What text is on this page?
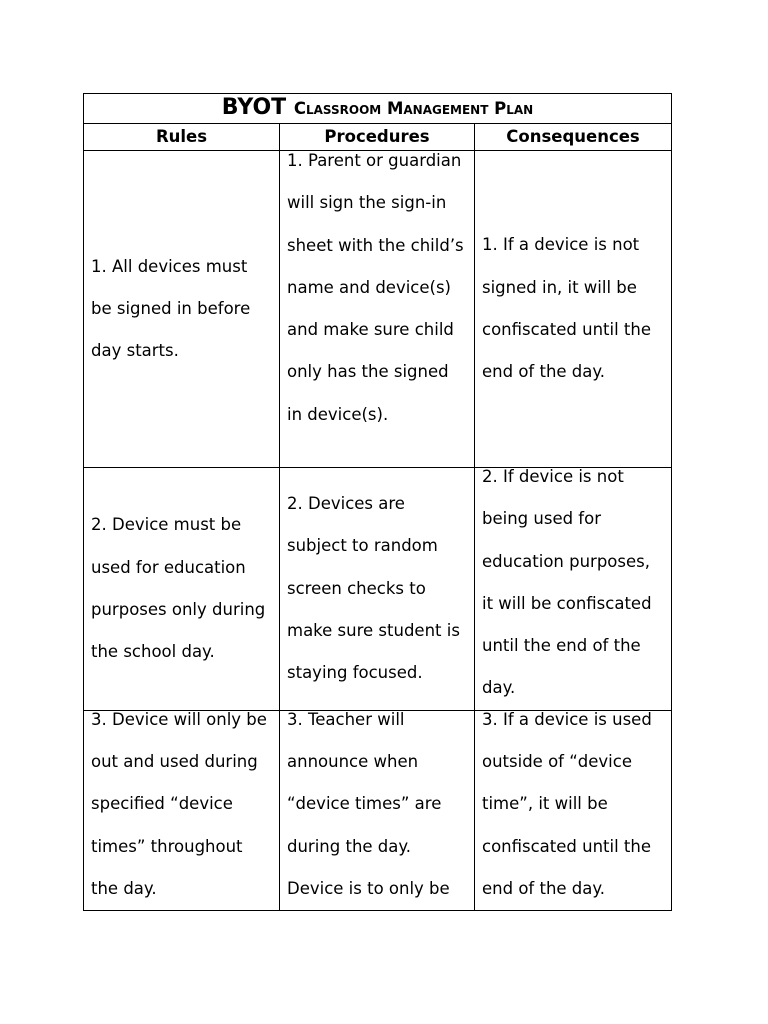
BYOT Classroom Management Plan		
Rules	Procedures	Consequences

1. All devices must be signed in before day starts.	1. Parent or guardian will sign the sign-in sheet with the child’s name and device(s) and make sure child only has the signed in device(s).	1. If a device is not signed in, it will be confiscated until the end of the day.

2. Device must be used for education purposes only during the school day.	2. Devices are subject to random screen checks to make sure student is staying focused.	2. If device is not being used for education purposes, it will be confiscated until the end of the day.

3. Device will only be out and used during specified “device times” throughout the day.	3. Teacher will announce when “device times” are during the day. Device is to only be	3. If a device is used outside of “device time”, it will be confiscated until the end of the day.
